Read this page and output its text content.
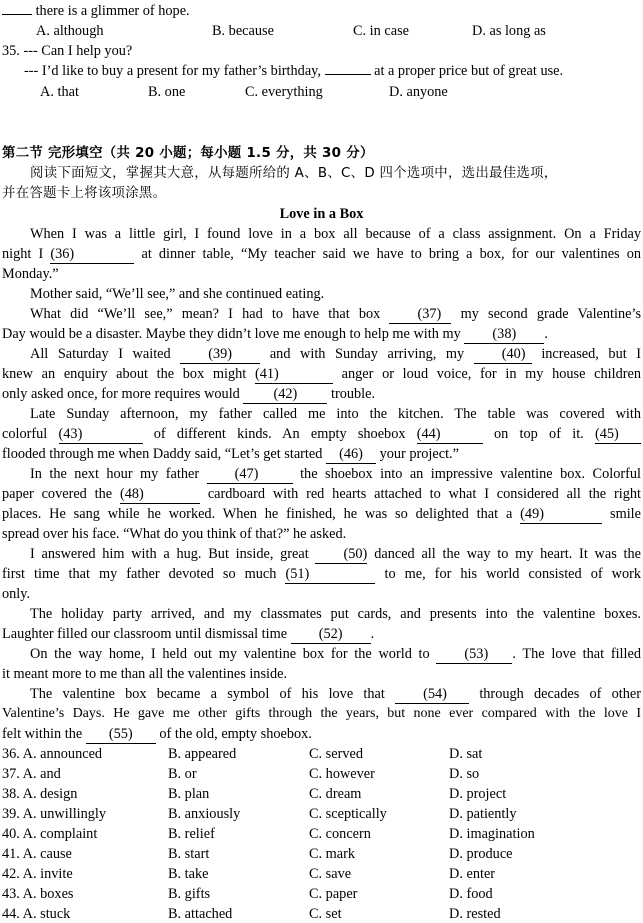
there is a glimmer of hope.
A. although	B. because	C. in case	D. as long as
35. --- Can I help you?
--- I’d like to buy a present for my father’s birthday,	at a proper price but of great use.
A. that	B. one	C. everything	D. anyone
第二节 完形填空（共 20 小题；每小题 1.5 分，共 30 分）
阅读下面短文，掌握其大意，从每题所给的 A、B、C、D 四个选项中，选出最佳选项，
并在答题卡上将该项涂黑。
Love in a Box
When I was a little girl, I found love in a box all because of a class assignment. On a Friday
night I (36)	at dinner table, “My teacher said we have to bring a box, for our valentines on
Monday.”
Mother said, “We’ll see,” and she continued eating.
What did “We’ll see,” mean? I had to have that box	(37) my second grade Valentine’s
Day would be a disaster. Maybe they didn’t love me enough to help me with my (38) .
All Saturday I waited	(39)	and with Sunday arriving, my	(40) increased, but I
knew an enquiry about the box might (41)	anger or loud voice, for in my house children
only asked once, for more requires would (42) trouble.
Late Sunday afternoon, my father called me into the kitchen. The table was covered with
colorful (43)	of different kinds. An empty shoebox (44)	on top of it. (45)
flooded through me when Daddy said, “Let’s get started (46) your project.”
In the next hour my father (47)	the shoebox into an impressive valentine box. Colorful
paper covered the (48)	cardboard with red hearts attached to what I considered all the right
places. He sang while he worked. When he finished, he was so delighted that a (49)	smile
spread over his face. “What do you think of that?” he asked.
I answered him with a hug. But inside, great (50) danced all the way to my heart. It was the
first time that my father devoted so much (51)	to me, for his world consisted of work
only.
The holiday party arrived, and my classmates put cards, and presents into the valentine boxes.
Laughter filled our classroom until dismissal time (52) .
On the way home, I held out my valentine box for the world to (53) . The love that filled
it meant more to me than all the valentines inside.
The valentine box became a symbol of his love that	(54) through decades of other
Valentine’s Days. He gave me other gifts through the years, but none ever compared with the love I
felt within the (55) of the old, empty shoebox.
36. A. announced	B. appeared	C. served	D. sat
37. A. and	B. or	C. however	D. so
38. A. design	B. plan	C. dream	D. project
39. A. unwillingly	B. anxiously	C. sceptically	D. patiently
40. A. complaint	B. relief	C. concern	D. imagination
41. A. cause	B. start	C. mark	D. produce
42. A. invite	B. take	C. save	D. enter
43. A. boxes	B. gifts	C. paper	D. food
44. A. stuck	B. attached	C. set	D. rested
